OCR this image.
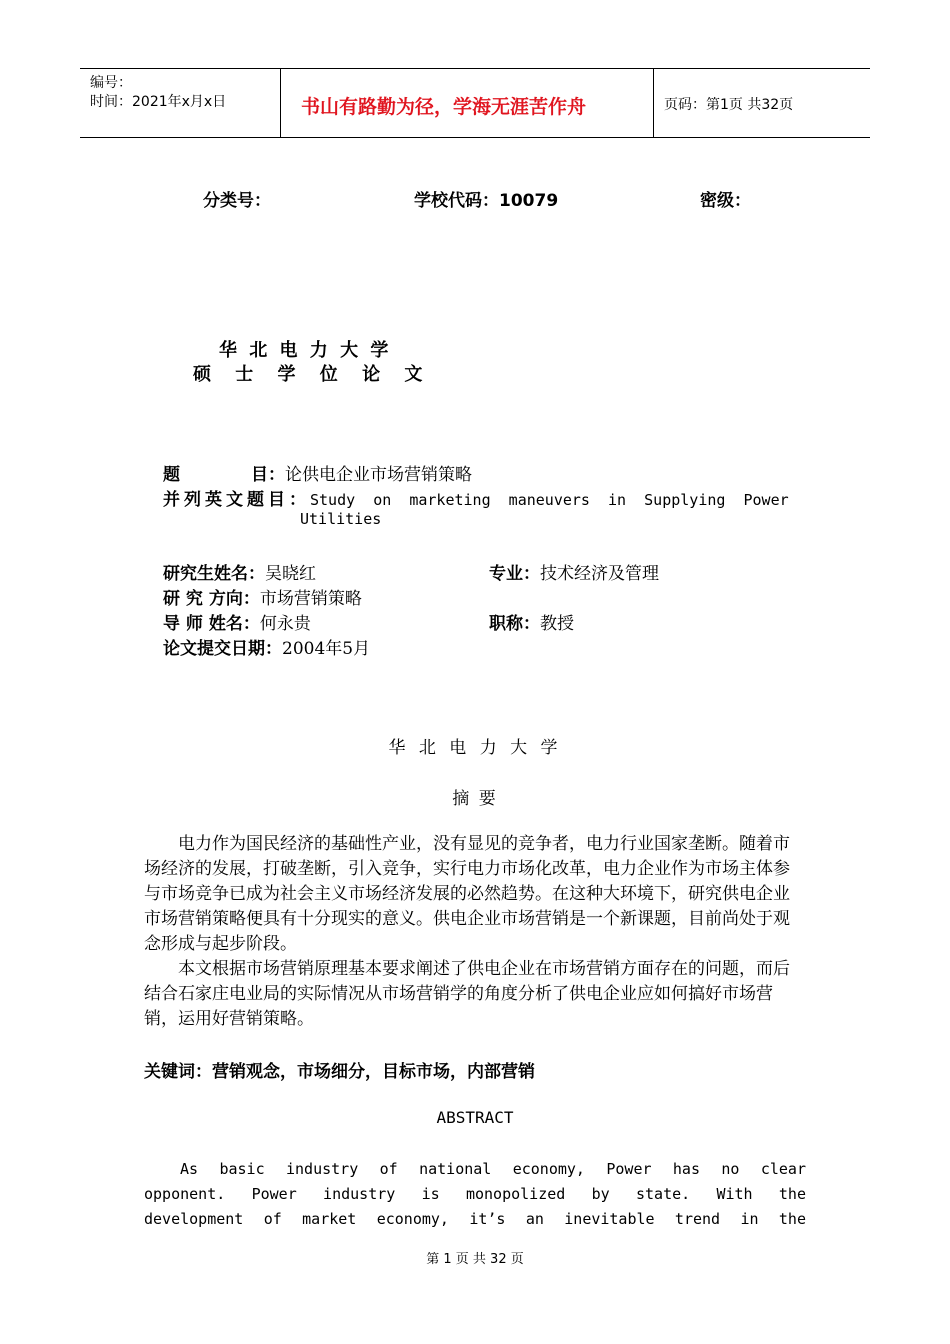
编号：
时间：2021年x月x日	书山有路勤为径，学海无涯苦作舟	页码：第1页 共32页
分类号：	学校代码：10079	密级：
华 北 电 力 大 学
硕 士 学 位 论 文
题            目：论供电企业市场营销策略
并列英文题目：Study  on  marketing  maneuvers  in  Supplying  Power
Utilities
研究生姓名：吴晓红	专业：技术经济及管理
研 究 方向：市场营销策略
导 师 姓名：何永贵	职称：教授
论文提交日期：2004年5月
华 北 电 力 大 学
摘 要

电力作为国民经济的基础性产业，没有显见的竞争者，电力行业国家垄断。随着市场经济的发展，打破垄断，引入竞争，实行电力市场化改革，电力企业作为市场主体参与市场竞争已成为社会主义市场经济发展的必然趋势。在这种大环境下，研究供电企业市场营销策略便具有十分现实的意义。供电企业市场营销是一个新课题，目前尚处于观念形成与起步阶段。

本文根据市场营销原理基本要求阐述了供电企业在市场营销方面存在的问题，而后结合石家庄电业局的实际情况从市场营销学的角度分析了供电企业应如何搞好市场营销，运用好营销策略。

关键词：营销观念，市场细分，目标市场，内部营销
ABSTRACT
As basic industry of national economy, Power has no clear
opponent. Power industry is monopolized by state. With the
development of market economy, it’s an inevitable trend in the
第 1 页 共 32 页
